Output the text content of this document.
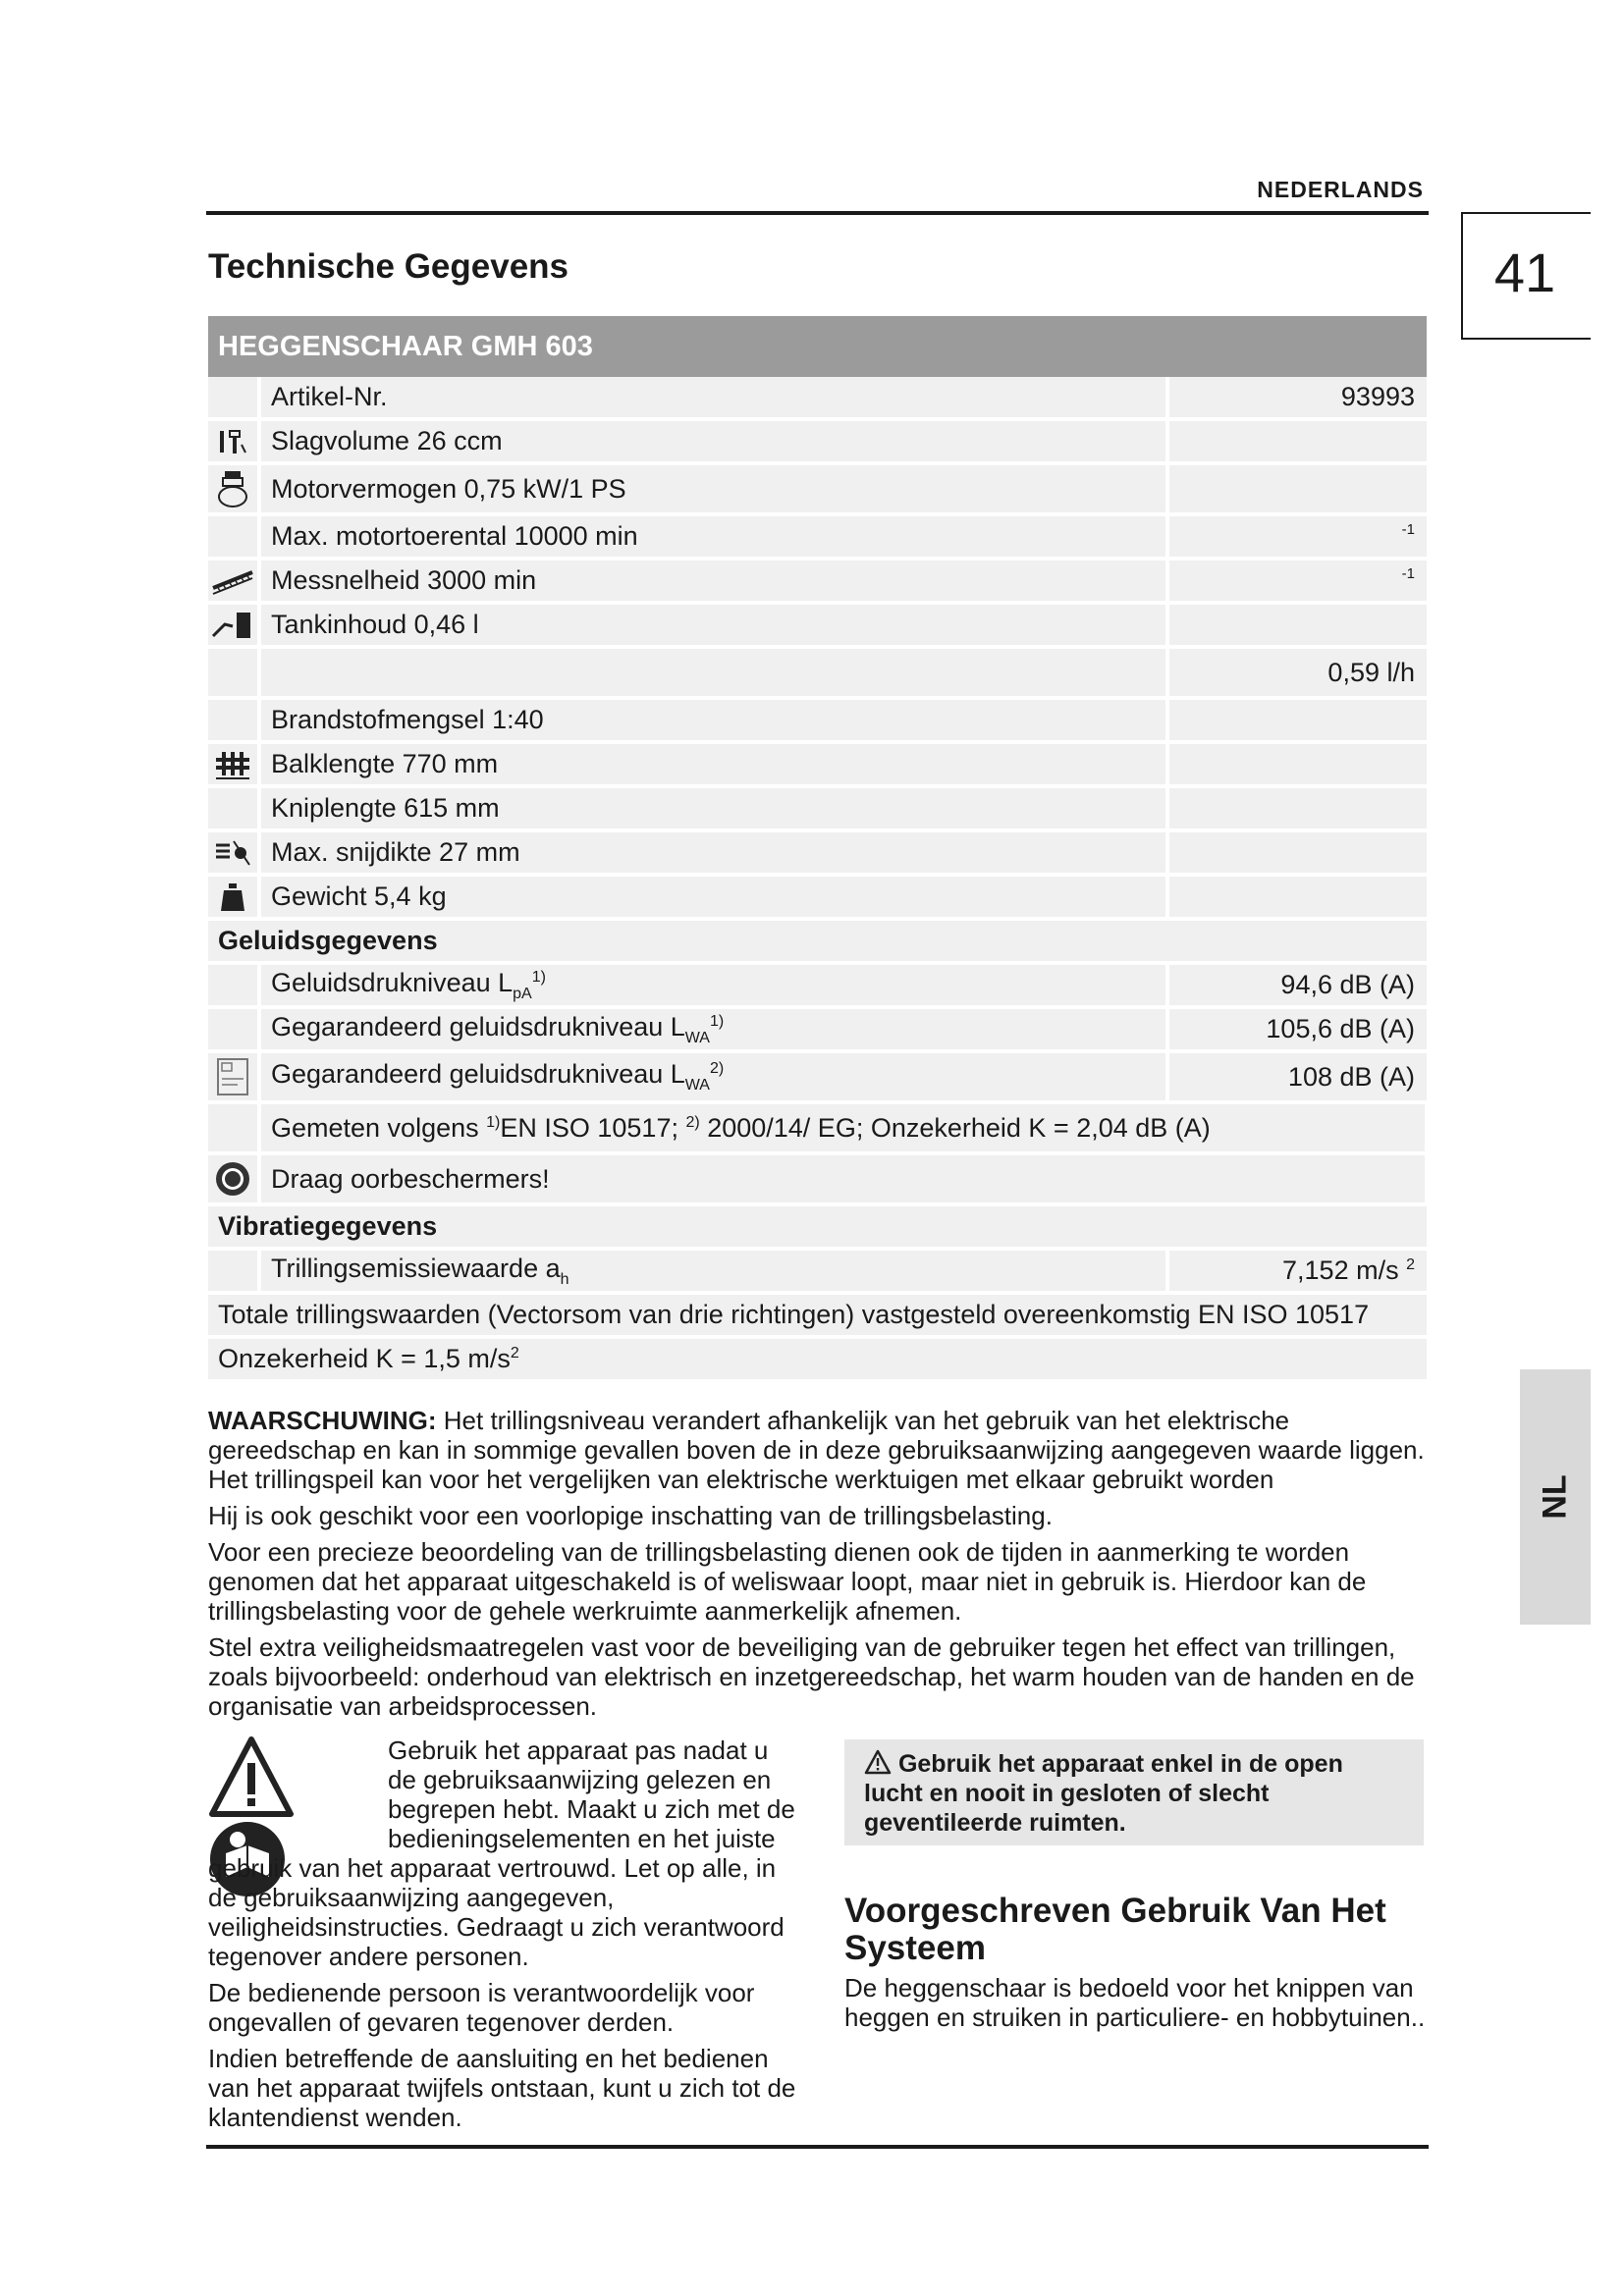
NEDERLANDS
41
Technische Gegevens
HEGGENSCHAAR GMH 603		
	Artikel-Nr.	93993
	Slagvolume 26 ccm	
	Motorvermogen 0,75 kW/1 PS	
	Max. motortoerental 10000 min	$^{-1}$
	Messnelheid 3000 min	$^{-1}$
	Tankinhoud 0,46 l	
		0,59 l/h
	Brandstofmengsel 1:40	
	Balklengte 770 mm	
	Kniplengte 615 mm	
	Max. snijdikte 27 mm	
	Gewicht 5,4 kg	
Geluidsgegevens		
	Geluidsdrukniveau $L_{pA}^{1)}$	94,6 dB (A)
	Gegarandeerd geluidsdrukniveau $L_{WA}^{1)}$	105,6 dB (A)
	Gegarandeerd geluidsdrukniveau $L_{WA}^{2)}$	108 dB (A)
	Gemeten volgens $^{1)}$EN ISO 10517; $^{2)}$ 2000/14/ EG; Onzekerheid K = 2,04 dB (A)	
	Draag oorbeschermers!	
Vibratiegegevens		
	Trillingsemissiewaarde $a_h$	7,152 m/s $^2$
Totale trillingswaarden (Vectorsom van drie richtingen) vastgesteld overeenkomstig EN ISO 10517		
Onzekerheid K = 1,5 $m/s^2$

WAARSCHUWING: Het trillingsniveau verandert afhankelijk van het gebruik van het elektrische gereedschap en kan in sommige gevallen boven de in deze gebruiksaanwijzing aangegeven waarde liggen.
Het trillingspeil kan voor het vergelijken van elektrische werktuigen met elkaar gebruikt worden

Hij is ook geschikt voor een voorlopige inschatting van de trillingsbelasting.

Voor een precieze beoordeling van de trillingsbelasting dienen ook de tijden in aanmerking te worden genomen dat het apparaat uitgeschakeld is of weliswaar loopt, maar niet in gebruik is. Hierdoor kan de trillingsbelasting voor de gehele werkruimte aanmerkelijk afnemen.

Stel extra veiligheidsmaatregelen vast voor de beveiliging van de gebruiker tegen het effect van trillingen, zoals bijvoorbeeld: onderhoud van elektrisch en inzetgereedschap, het warm houden van de handen en de organisatie van arbeidsprocessen.

Gebruik het apparaat pas nadat u de gebruiksaanwijzing gelezen en begrepen hebt. Maakt u zich met de bedieningselementen en het juiste gebruik van het apparaat vertrouwd. Let op alle, in de gebruiksaanwijzing aangegeven, veiligheidsinstructies. Gedraagt u zich verantwoord tegenover andere personen.

De bedienende persoon is verantwoordelijk voor ongevallen of gevaren tegenover derden.

Indien betreffende de aansluiting en het bedienen van het apparaat twijfels ontstaan, kunt u zich tot de klantendienst wenden.

Gebruik het apparaat enkel in de open lucht en nooit in gesloten of slecht geventileerde ruimten.
Voorgeschreven Gebruik Van Het Systeem
De heggenschaar is bedoeld voor het knippen van heggen en struiken in particuliere- en hobbytuinen..
NL
